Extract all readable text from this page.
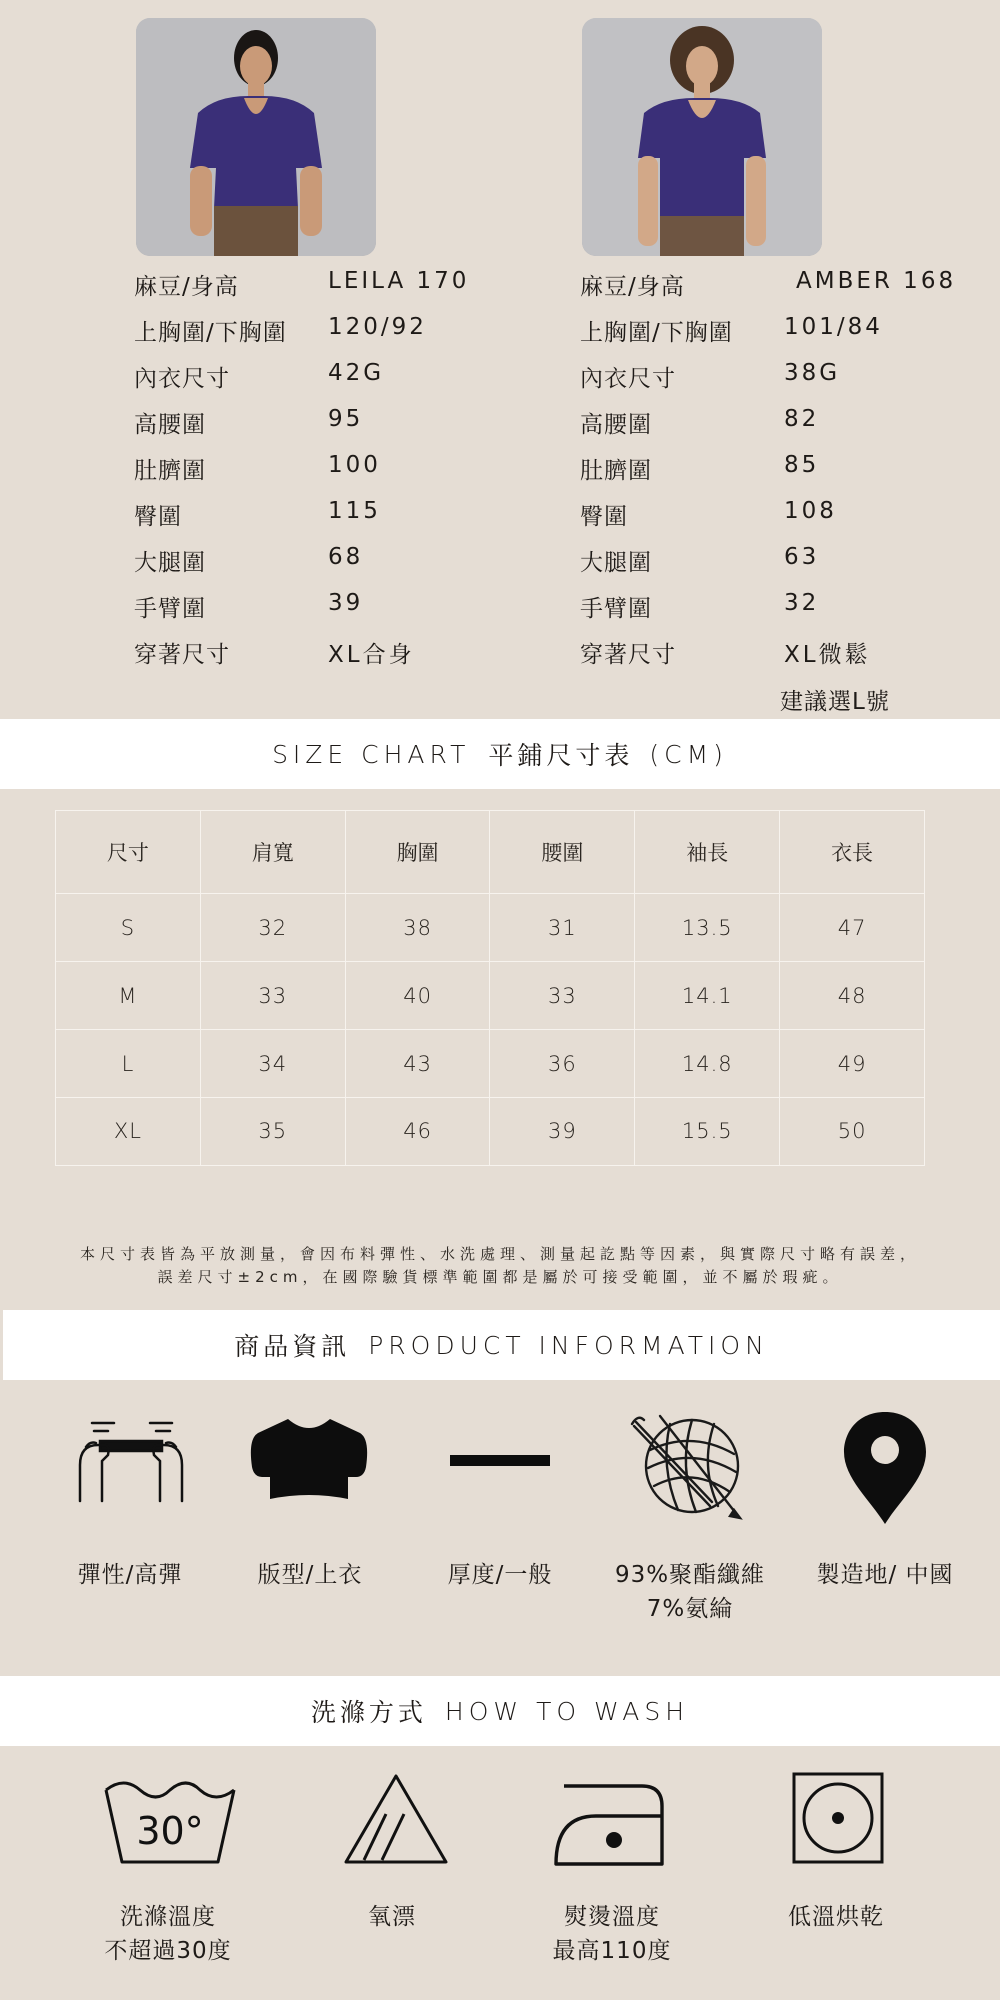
麻豆/身高	LEILA 170
上胸圍/下胸圍 120/92
內衣尺寸	42G
高腰圍	95
肚臍圍	100
臀圍	115
大腿圍	68
手臂圍	39
穿著尺寸	XL合身
麻豆/身高	AMBER 168
上胸圍/下胸圍 101/84
內衣尺寸	38G
高腰圍	82
肚臍圍	85
臀圍	108
大腿圍	63
手臂圍	32
穿著尺寸	XL微鬆
建議選L號
SIZE CHART 平鋪尺寸表 (CM)
尺寸	肩寬	胸圍	腰圍	袖長	衣長
S	32	38	31	13.5	47
M	33	40	33	14.1	48
L	34	43	36	14.8	49
XL	35	46	39	15.5	50
本尺寸表皆為平放測量，會因布料彈性、水洗處理、測量起訖點等因素，與實際尺寸略有誤差，
誤差尺寸±2cm，在國際驗貨標準範圍都是屬於可接受範圍，並不屬於瑕疵。
商品資訊 PRODUCT INFORMATION
彈性/高彈	版型/上衣	厚度/一般	93%聚酯纖維
7%氨綸
製造地/ 中國
洗滌方式 HOW TO WASH
30°
洗滌溫度
不超過30度
氧漂	熨燙溫度
最高110度
低溫烘乾
